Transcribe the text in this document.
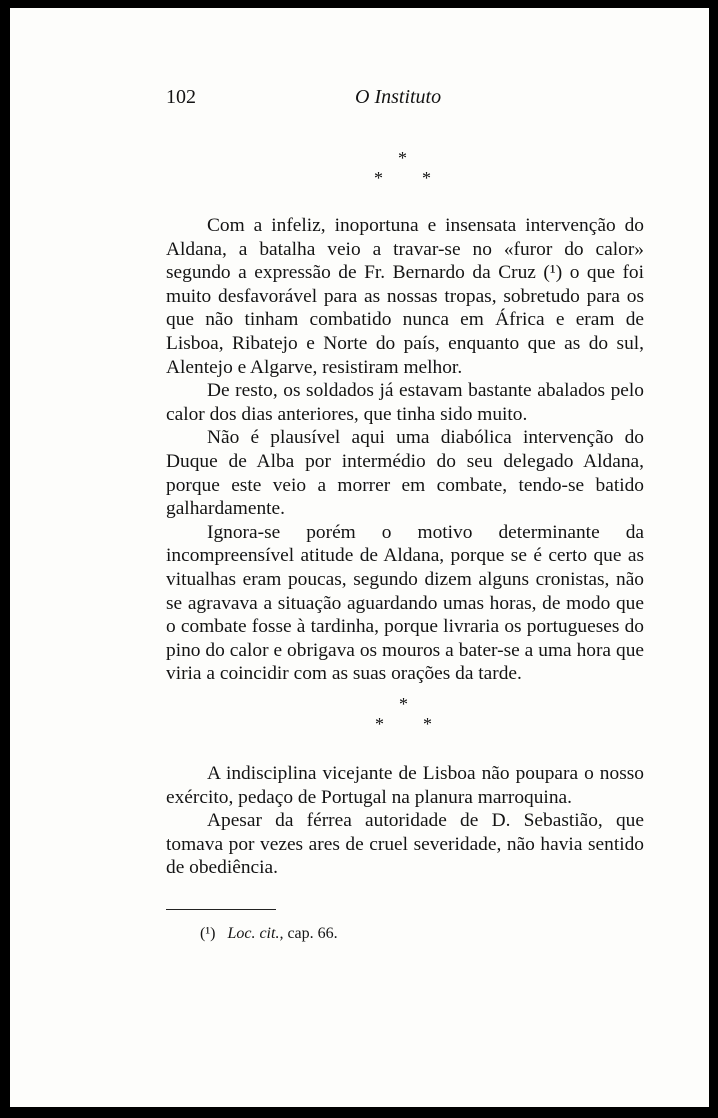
102	O Instituto
*
* *

Com a infeliz, inoportuna e insensata intervenção do Aldana, a batalha veio a travar-se no «furor do calor» segundo a expressão de Fr. Bernardo da Cruz (¹) o que foi muito desfavorável para as nossas tropas, sobretudo para os que não tinham combatido nunca em África e eram de Lisboa, Ribatejo e Norte do país, enquanto que as do sul, Alentejo e Algarve, resistiram melhor.

De resto, os soldados já estavam bastante abalados pelo calor dos dias anteriores, que tinha sido muito.

Não é plausível aqui uma diabólica intervenção do Duque de Alba por intermédio do seu delegado Aldana, porque este veio a morrer em combate, tendo-se batido galhardamente.

Ignora-se porém o motivo determinante da incompreensível atitude de Aldana, porque se é certo que as vitualhas eram poucas, segundo dizem alguns cronistas, não se agravava a situação aguardando umas horas, de modo que o combate fosse à tardinha, porque livraria os portugueses do pino do calor e obrigava os mouros a bater-se a uma hora que viria a coincidir com as suas orações da tarde.

*
* *

A indisciplina vicejante de Lisboa não poupara o nosso exército, pedaço de Portugal na planura marroquina.

Apesar da férrea autoridade de D. Sebastião, que tomava por vezes ares de cruel severidade, não havia sentido de obediência.

(¹) Loc. cit., cap. 66.
